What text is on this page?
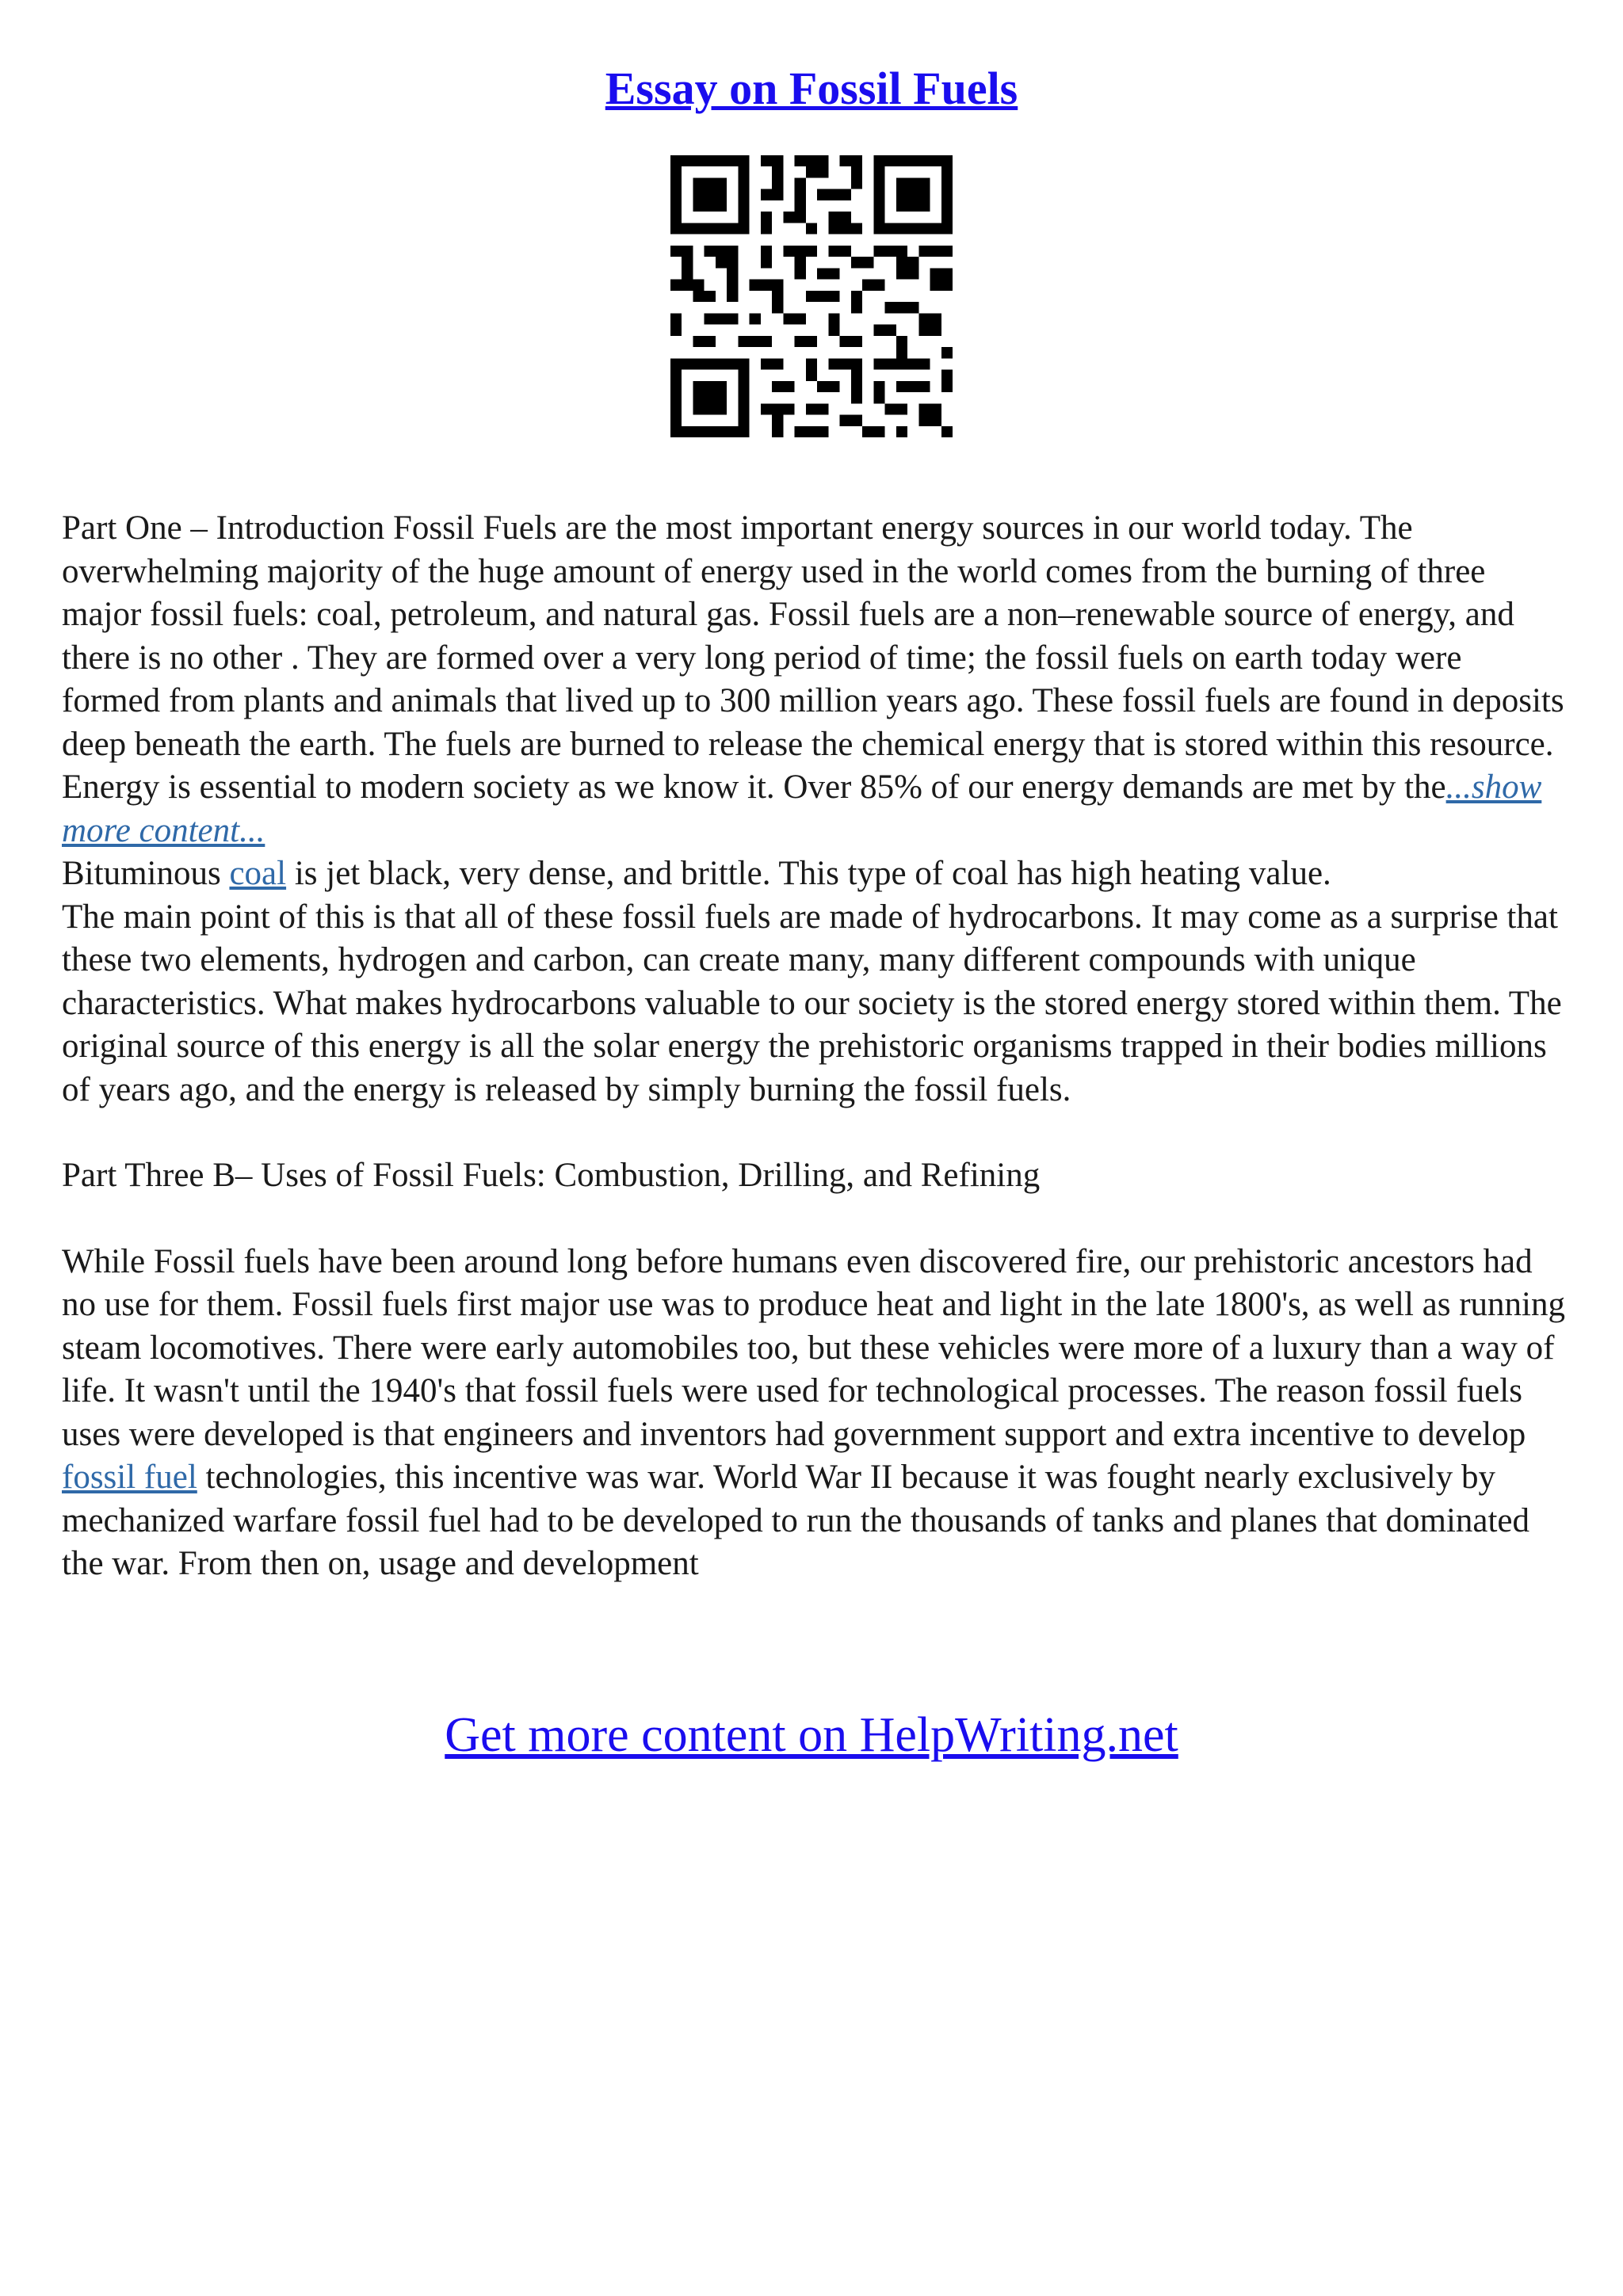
Essay on Fossil Fuels

Part One – Introduction Fossil Fuels are the most important energy sources in our world today. The overwhelming majority of the huge amount of energy used in the world comes from the burning of three major fossil fuels: coal, petroleum, and natural gas. Fossil fuels are a non–renewable source of energy, and there is no other . They are formed over a very long period of time; the fossil fuels on earth today were formed from plants and animals that lived up to 300 million years ago. These fossil fuels are found in deposits deep beneath the earth. The fuels are burned to release the chemical energy that is stored within this resource. Energy is essential to modern society as we know it. Over 85% of our energy demands are met by the...show more content...

Bituminous coal is jet black, very dense, and brittle. This type of coal has high heating value.

The main point of this is that all of these fossil fuels are made of hydrocarbons. It may come as a surprise that these two elements, hydrogen and carbon, can create many, many different compounds with unique characteristics. What makes hydrocarbons valuable to our society is the stored energy stored within them. The original source of this energy is all the solar energy the prehistoric organisms trapped in their bodies millions of years ago, and the energy is released by simply burning the fossil fuels.

Part Three B– Uses of Fossil Fuels: Combustion, Drilling, and Refining

While Fossil fuels have been around long before humans even discovered fire, our prehistoric ancestors had no use for them. Fossil fuels first major use was to produce heat and light in the late 1800's, as well as running steam locomotives. There were early automobiles too, but these vehicles were more of a luxury than a way of life. It wasn't until the 1940's that fossil fuels were used for technological processes. The reason fossil fuels uses were developed is that engineers and inventors had government support and extra incentive to develop fossil fuel technologies, this incentive was war. World War II because it was fought nearly exclusively by mechanized warfare fossil fuel had to be developed to run the thousands of tanks and planes that dominated the war. From then on, usage and development

Get more content on HelpWriting.net
